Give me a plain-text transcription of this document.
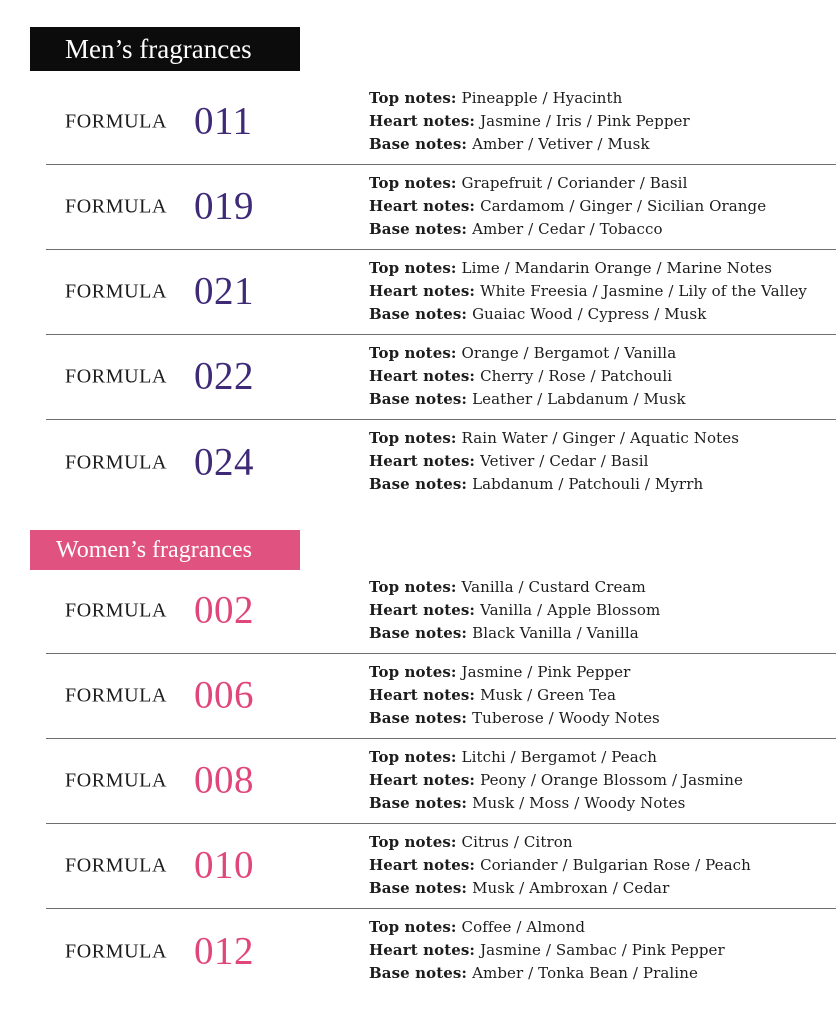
Men’s fragrances
FORMULA 011
Top notes: Pineapple / Hyacinth
Heart notes: Jasmine / Iris / Pink Pepper
Base notes: Amber / Vetiver / Musk
FORMULA 019
Top notes: Grapefruit / Coriander / Basil
Heart notes: Cardamom / Ginger / Sicilian Orange
Base notes: Amber / Cedar / Tobacco
FORMULA 021
Top notes: Lime / Mandarin Orange / Marine Notes
Heart notes: White Freesia / Jasmine / Lily of the Valley
Base notes: Guaiac Wood / Cypress / Musk
FORMULA 022
Top notes: Orange / Bergamot / Vanilla
Heart notes: Cherry / Rose / Patchouli
Base notes: Leather / Labdanum / Musk
FORMULA 024
Top notes: Rain Water / Ginger / Aquatic Notes
Heart notes: Vetiver / Cedar / Basil
Base notes: Labdanum / Patchouli / Myrrh
Women’s fragrances
FORMULA 002
Top notes: Vanilla / Custard Cream
Heart notes: Vanilla / Apple Blossom
Base notes: Black Vanilla / Vanilla
FORMULA 006
Top notes: Jasmine / Pink Pepper
Heart notes: Musk / Green Tea
Base notes: Tuberose / Woody Notes
FORMULA 008
Top notes: Litchi / Bergamot / Peach
Heart notes: Peony / Orange Blossom / Jasmine
Base notes: Musk / Moss / Woody Notes
FORMULA 010
Top notes: Citrus / Citron
Heart notes: Coriander / Bulgarian Rose / Peach
Base notes: Musk / Ambroxan / Cedar
FORMULA 012
Top notes: Coffee / Almond
Heart notes: Jasmine / Sambac / Pink Pepper
Base notes: Amber / Tonka Bean / Praline
